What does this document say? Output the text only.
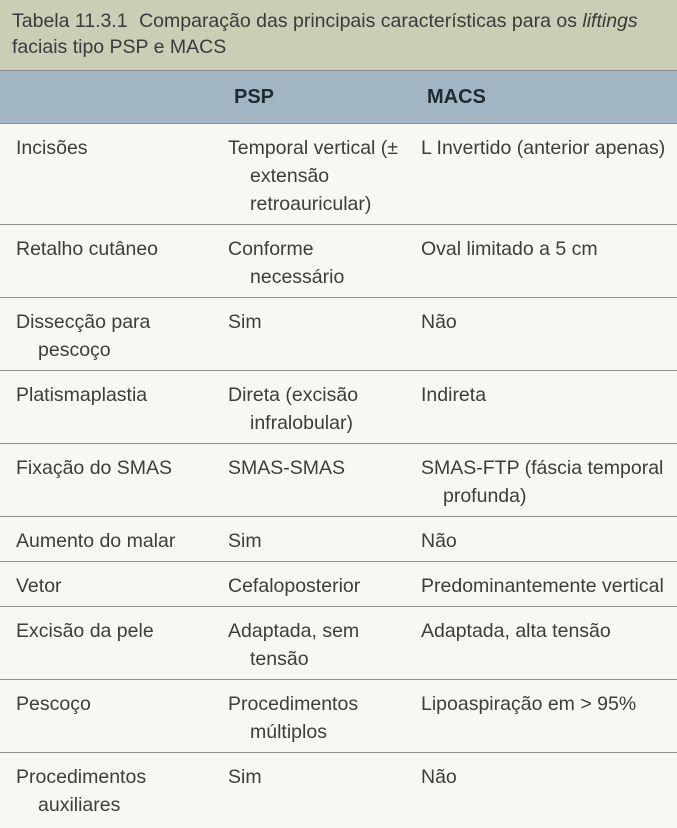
Tabela 11.3.1 Comparação das principais características para os liftings faciais tipo PSP e MACS
	PSP	MACS

Incisões	Temporal vertical (± extensão retroauricular)	L Invertido (anterior apenas)

Retalho cutâneo	Conforme necessário	Oval limitado a 5 cm

Dissecção para pescoço	Sim	Não

Platismaplastia	Direta (excisão infralobular)	Indireta

Fixação do SMAS	SMAS-SMAS	SMAS-FTP (fáscia temporal profunda)

Aumento do malar	Sim	Não

Vetor	Cefaloposterior	Predominantemente vertical

Excisão da pele	Adaptada, sem tensão	Adaptada, alta tensão

Pescoço	Procedimentos múltiplos	Lipoaspiração em > 95%

Procedimentos auxiliares	Sim	Não
